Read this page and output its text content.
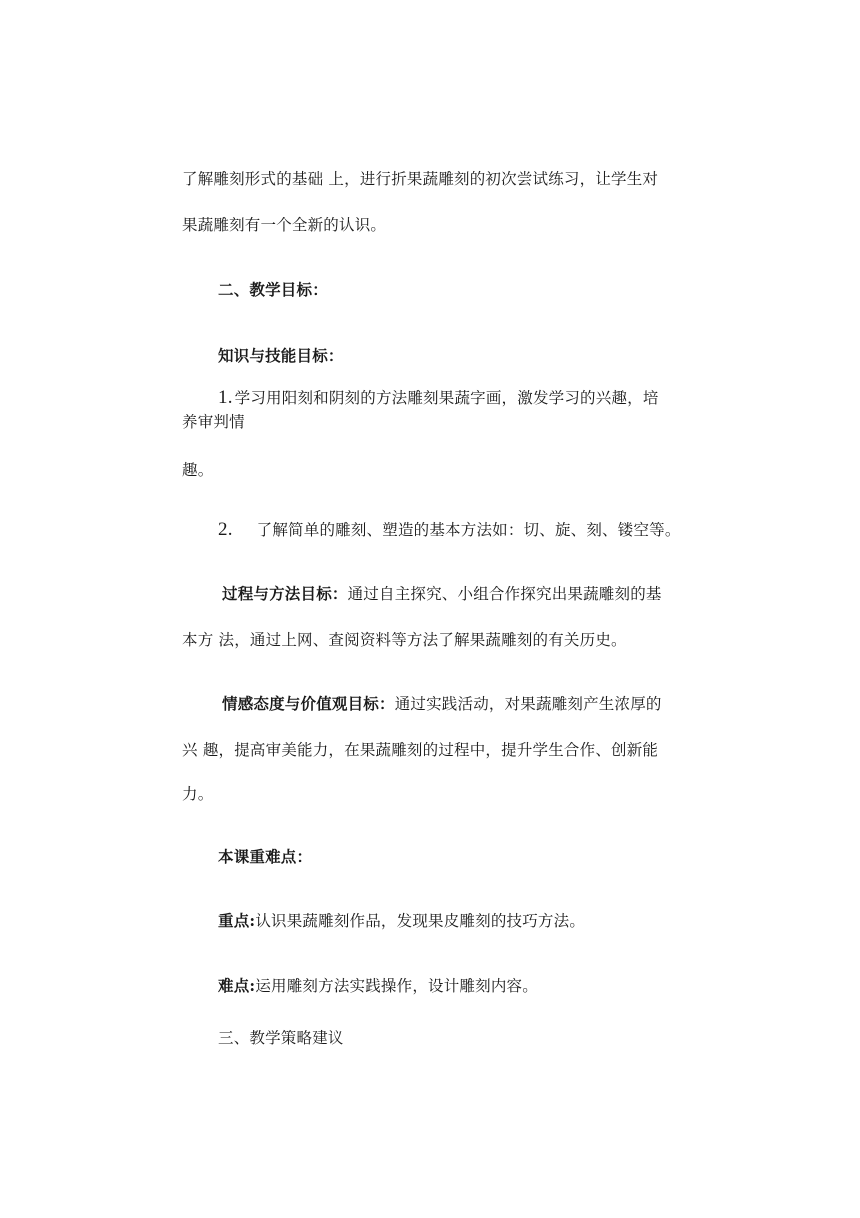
了解雕刻形式的基础 上，进行折果蔬雕刻的初次尝试练习，让学生对
果蔬雕刻有一个全新的认识。
二、教学目标：
知识与技能目标：
1. 学习用阳刻和阴刻的方法雕刻果蔬字画，激发学习的兴趣，培
养审判情
趣。
2. 了解简单的雕刻、塑造的基本方法如：切、旋、刻、镂空等。
过程与方法目标：通过自主探究、小组合作探究出果蔬雕刻的基
本方 法，通过上网、查阅资料等方法了解果蔬雕刻的有关历史。
情感态度与价值观目标：通过实践活动，对果蔬雕刻产生浓厚的
兴 趣，提高审美能力，在果蔬雕刻的过程中，提升学生合作、创新能
力。
本课重难点：
重点:认识果蔬雕刻作品，发现果皮雕刻的技巧方法。
难点:运用雕刻方法实践操作，设计雕刻内容。
三、教学策略建议
